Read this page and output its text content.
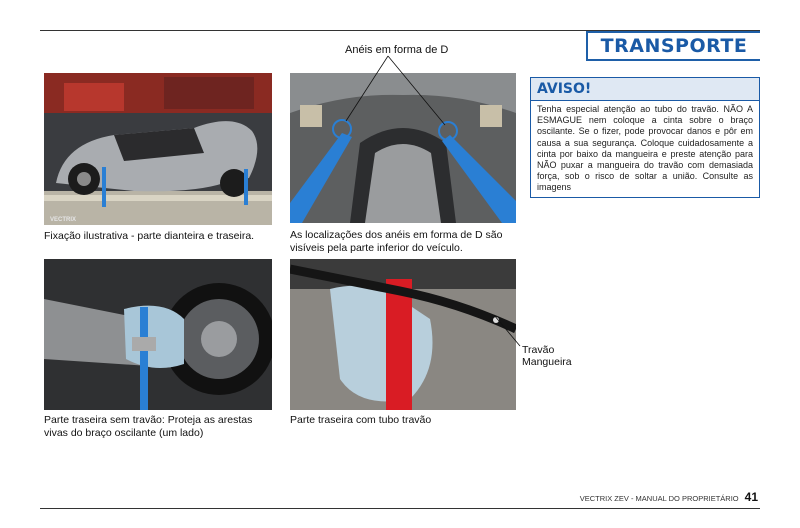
TRANSPORTE
Anéis em forma de D
VECTRIX
Fixação ilustrativa - parte dianteira e traseira.	As localizações dos anéis em forma de D são visíveis pela parte inferior do veículo.
Parte traseira sem travão: Proteja as arestas vivas do braço oscilante (um lado)
Parte traseira com tubo travão
Travão
Mangueira
AVISO!
Tenha especial atenção ao tubo do travão. NÃO A ESMAGUE nem coloque a cinta sobre o braço oscilante. Se o fizer, pode provocar danos e pôr em causa a sua segurança. Coloque cuidadosamente a cinta por baixo da mangueira e preste atenção para NÃO puxar a mangueira do travão com demasiada força, sob o risco de soltar a união. Consulte as imagens
VECTRIX ZEV - MANUAL DO PROPRIETÁRIO 41
